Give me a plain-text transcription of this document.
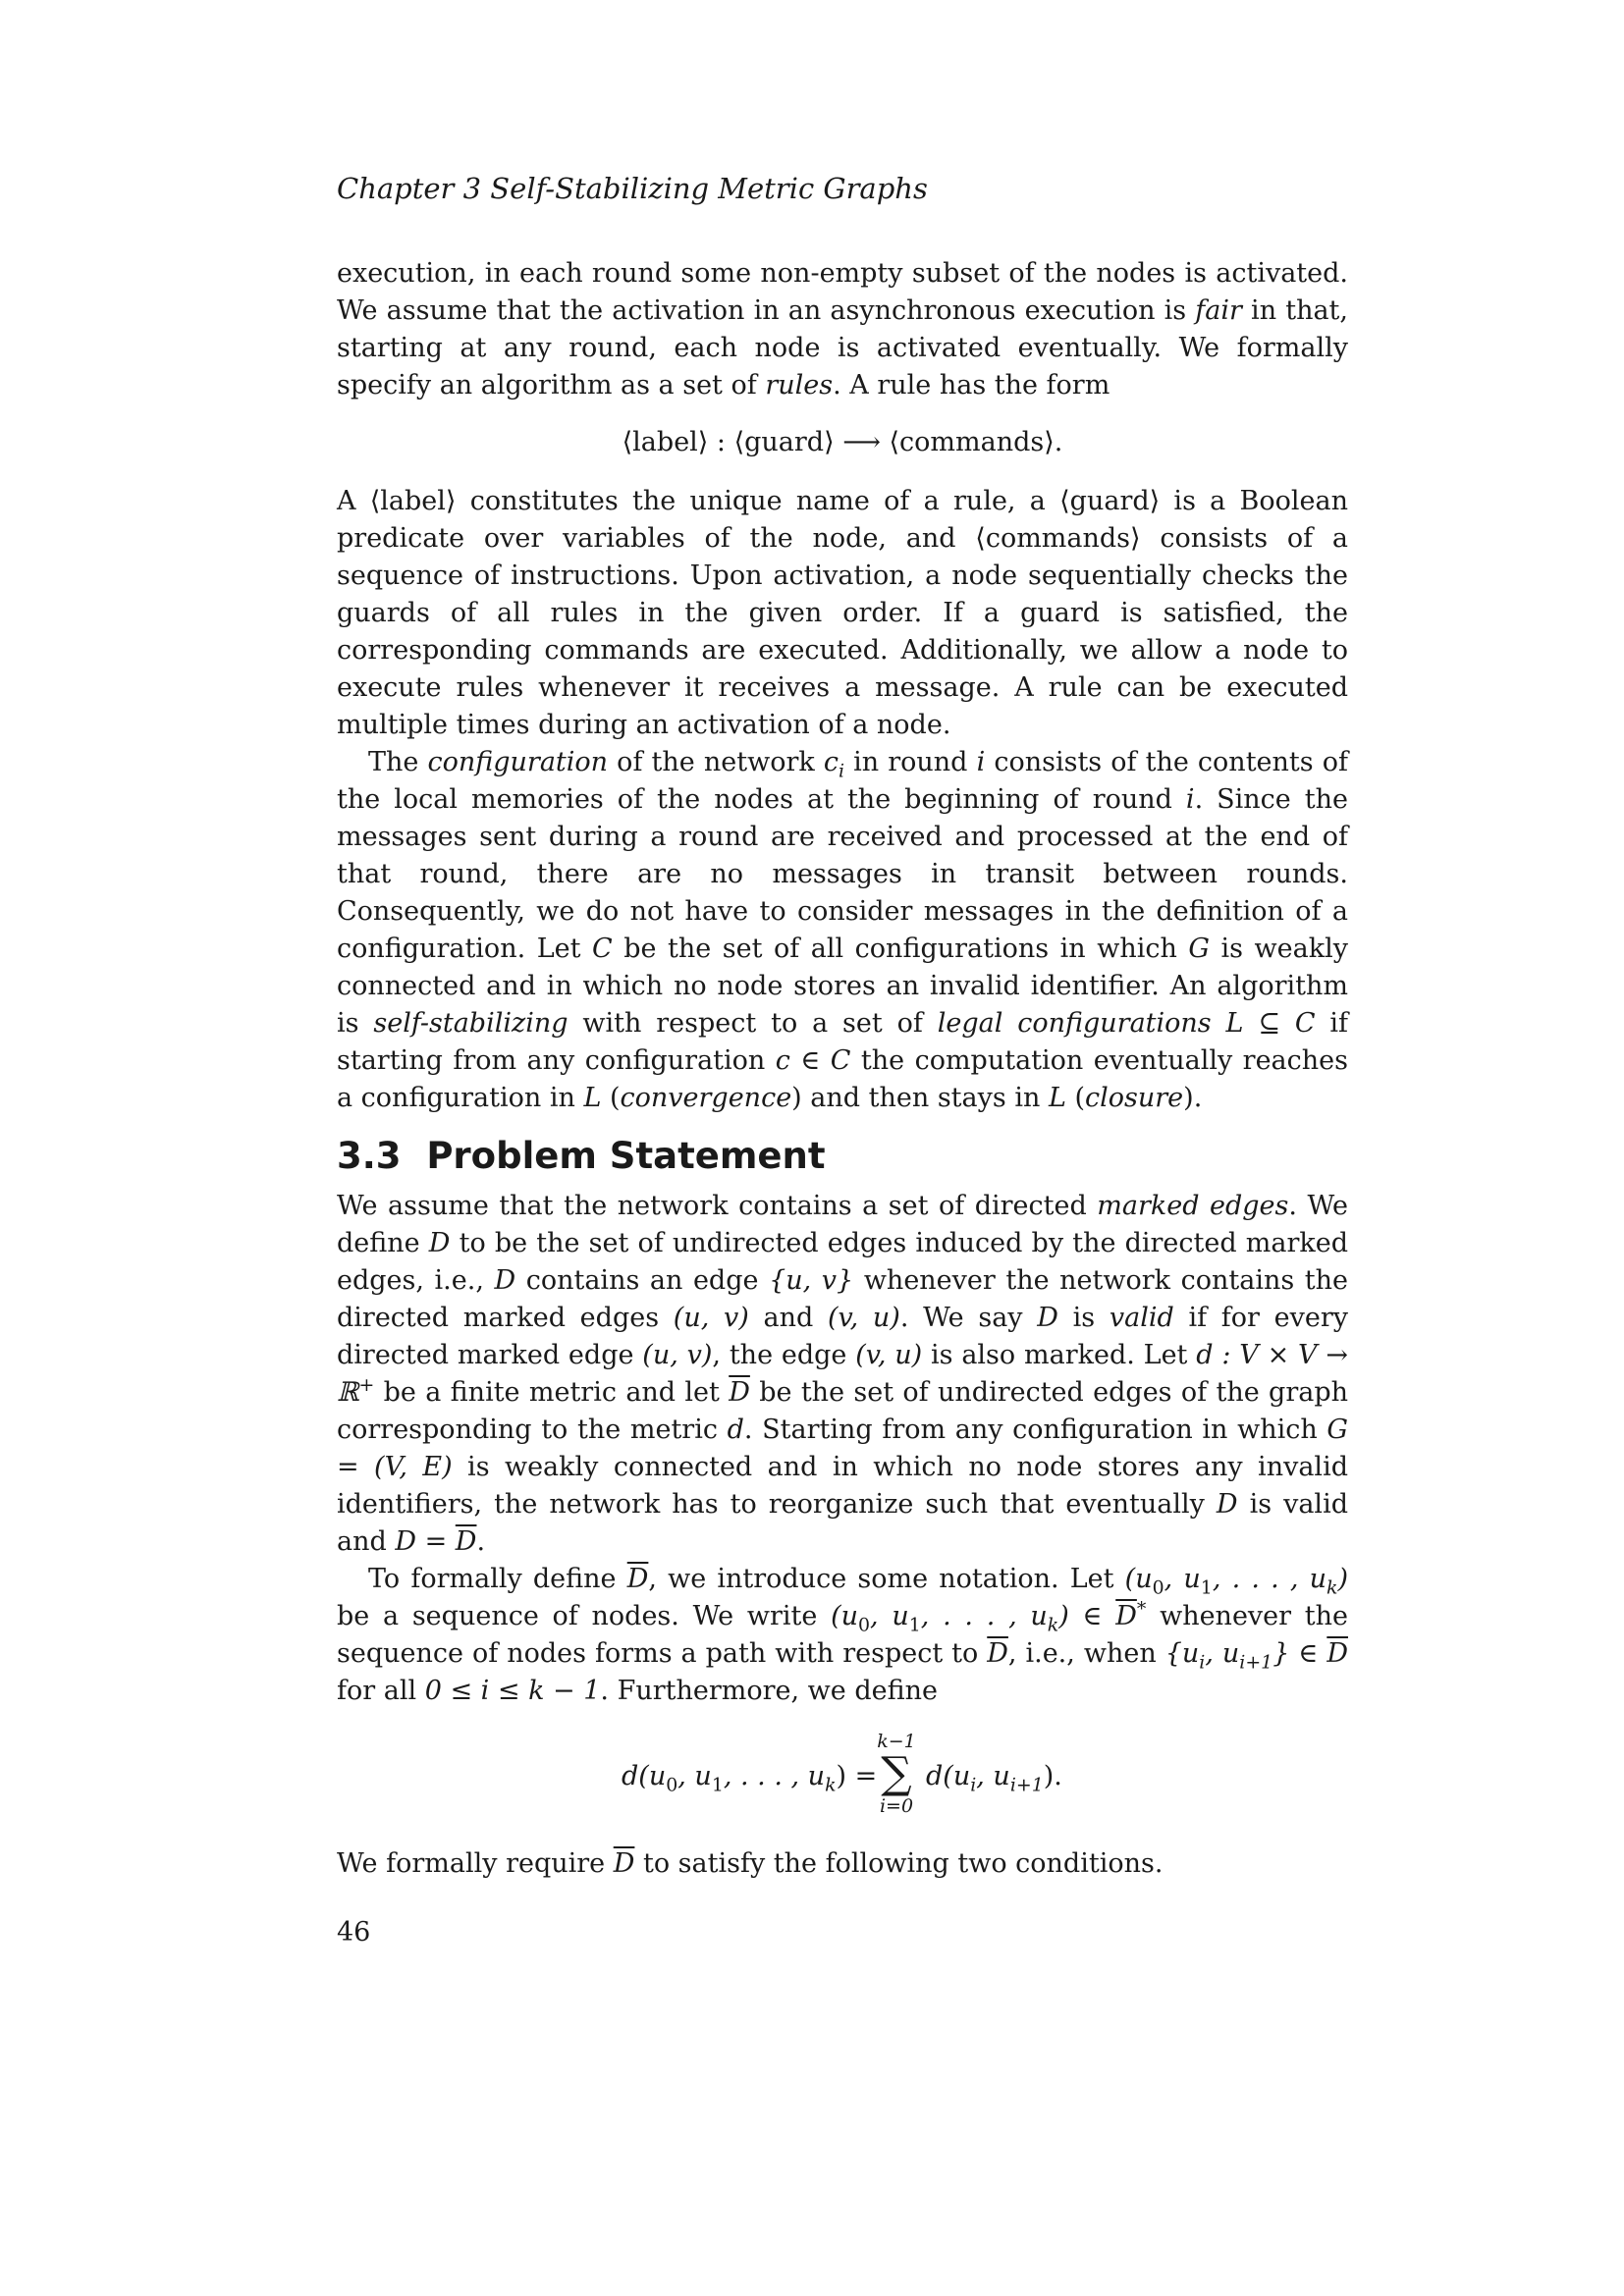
Chapter 3 Self-Stabilizing Metric Graphs

execution, in each round some non-empty subset of the nodes is activated. We assume that the activation in an asynchronous execution is fair in that, starting at any round, each node is activated eventually. We formally specify an algorithm as a set of rules. A rule has the form

⟨label⟩ : ⟨guard⟩ ⟶ ⟨commands⟩.

A ⟨label⟩ constitutes the unique name of a rule, a ⟨guard⟩ is a Boolean predicate over variables of the node, and ⟨commands⟩ consists of a sequence of instructions. Upon activation, a node sequentially checks the guards of all rules in the given order. If a guard is satisfied, the corresponding commands are executed. Additionally, we allow a node to execute rules whenever it receives a message. A rule can be executed multiple times during an activation of a node.

The configuration of the network $c_i$ in round i consists of the contents of the local memories of the nodes at the beginning of round i. Since the messages sent during a round are received and processed at the end of that round, there are no messages in transit between rounds. Consequently, we do not have to consider messages in the definition of a configuration. Let C be the set of all configurations in which G is weakly connected and in which no node stores an invalid identifier. An algorithm is self-stabilizing with respect to a set of legal configurations L ⊆ C if starting from any configuration c ∈ C the computation eventually reaches a configuration in L (convergence) and then stays in L (closure).

3.3 Problem Statement

We assume that the network contains a set of directed marked edges. We define D to be the set of undirected edges induced by the directed marked edges, i.e., D contains an edge {u, v} whenever the network contains the directed marked edges (u, v) and (v, u). We say D is valid if for every directed marked edge (u, v), the edge (v, u) is also marked. Let d : V × V → ℝ+ be a finite metric and let $\overline{D}$ be the set of undirected edges of the graph corresponding to the metric d. Starting from any configuration in which G = (V, E) is weakly connected and in which no node stores any invalid identifiers, the network has to reorganize such that eventually D is valid and $D = \overline{D}$.

To formally define $\overline{D}$, we introduce some notation. Let ($u_0$, $u_1$, . . . , $u_k$) be a sequence of nodes. We write ($u_0$, $u_1$, . . . , $u_k$) ∈ $\overline{D}^*$ whenever the sequence of nodes forms a path with respect to $\overline{D}$, i.e., when {$u_i$, $u_{i+1}$} ∈ $\overline{D}$ for all 0 ≤ i ≤ k − 1. Furthermore, we define

$d(u_0$, $u_1$, . . . , $u_k$) =
k−1
∑
i=0
$d(u_i$, $u_{i+1}$).

We formally require $\overline{D}$ to satisfy the following two conditions.

46
